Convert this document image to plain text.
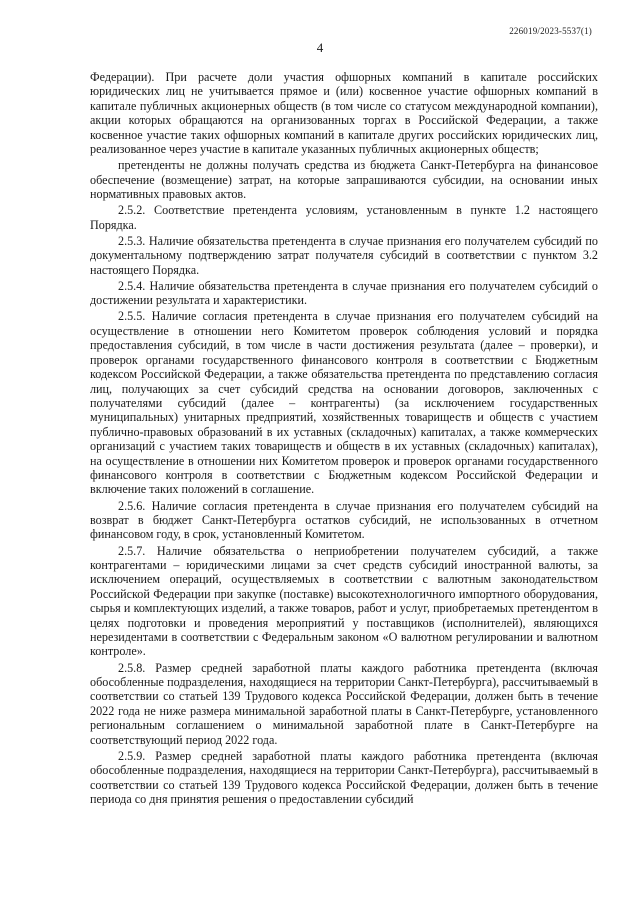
226019/2023-5537(1)
4

Федерации). При расчете доли участия офшорных компаний в капитале российских юридических лиц не учитывается прямое и (или) косвенное участие офшорных компаний в капитале публичных акционерных обществ (в том числе со статусом международной компании), акции которых обращаются на организованных торгах в Российской Федерации, а также косвенное участие таких офшорных компаний в капитале других российских юридических лиц, реализованное через участие в капитале указанных публичных акционерных обществ;

претенденты не должны получать средства из бюджета Санкт-Петербурга на финансовое обеспечение (возмещение) затрат, на которые запрашиваются субсидии, на основании иных нормативных правовых актов.

2.5.2. Соответствие претендента условиям, установленным в пункте 1.2 настоящего Порядка.

2.5.3. Наличие обязательства претендента в случае признания его получателем субсидий по документальному подтверждению затрат получателя субсидий в соответствии с пунктом 3.2 настоящего Порядка.

2.5.4. Наличие обязательства претендента в случае признания его получателем субсидий о достижении результата и характеристики.

2.5.5. Наличие согласия претендента в случае признания его получателем субсидий на осуществление в отношении него Комитетом проверок соблюдения условий и порядка предоставления субсидий, в том числе в части достижения результата (далее – проверки), и проверок органами государственного финансового контроля в соответствии с Бюджетным кодексом Российской Федерации, а также обязательства претендента по представлению согласия лиц, получающих за счет субсидий средства на основании договоров, заключенных с получателями субсидий (далее – контрагенты) (за исключением государственных муниципальных) унитарных предприятий, хозяйственных товариществ и обществ с участием публично-правовых образований в их уставных (складочных) капиталах, а также коммерческих организаций с участием таких товариществ и обществ в их уставных (складочных) капиталах), на осуществление в отношении них Комитетом проверок и проверок органами государственного финансового контроля в соответствии с Бюджетным кодексом Российской Федерации и включение таких положений в соглашение.

2.5.6. Наличие согласия претендента в случае признания его получателем субсидий на возврат в бюджет Санкт-Петербурга остатков субсидий, не использованных в отчетном финансовом году, в срок, установленный Комитетом.

2.5.7. Наличие обязательства о неприобретении получателем субсидий, а также контрагентами – юридическими лицами за счет средств субсидий иностранной валюты, за исключением операций, осуществляемых в соответствии с валютным законодательством Российской Федерации при закупке (поставке) высокотехнологичного импортного оборудования, сырья и комплектующих изделий, а также товаров, работ и услуг, приобретаемых претендентом в целях подготовки и проведения мероприятий у поставщиков (исполнителей), являющихся нерезидентами в соответствии с Федеральным законом «О валютном регулировании и валютном контроле».

2.5.8. Размер средней заработной платы каждого работника претендента (включая обособленные подразделения, находящиеся на территории Санкт-Петербурга), рассчитываемый в соответствии со статьей 139 Трудового кодекса Российской Федерации, должен быть в течение 2022 года не ниже размера минимальной заработной платы в Санкт-Петербурге, установленного региональным соглашением о минимальной заработной плате в Санкт-Петербурге на соответствующий период 2022 года.

2.5.9. Размер средней заработной платы каждого работника претендента (включая обособленные подразделения, находящиеся на территории Санкт-Петербурга), рассчитываемый в соответствии со статьей 139 Трудового кодекса Российской Федерации, должен быть в течение периода со дня принятия решения о предоставлении субсидий
